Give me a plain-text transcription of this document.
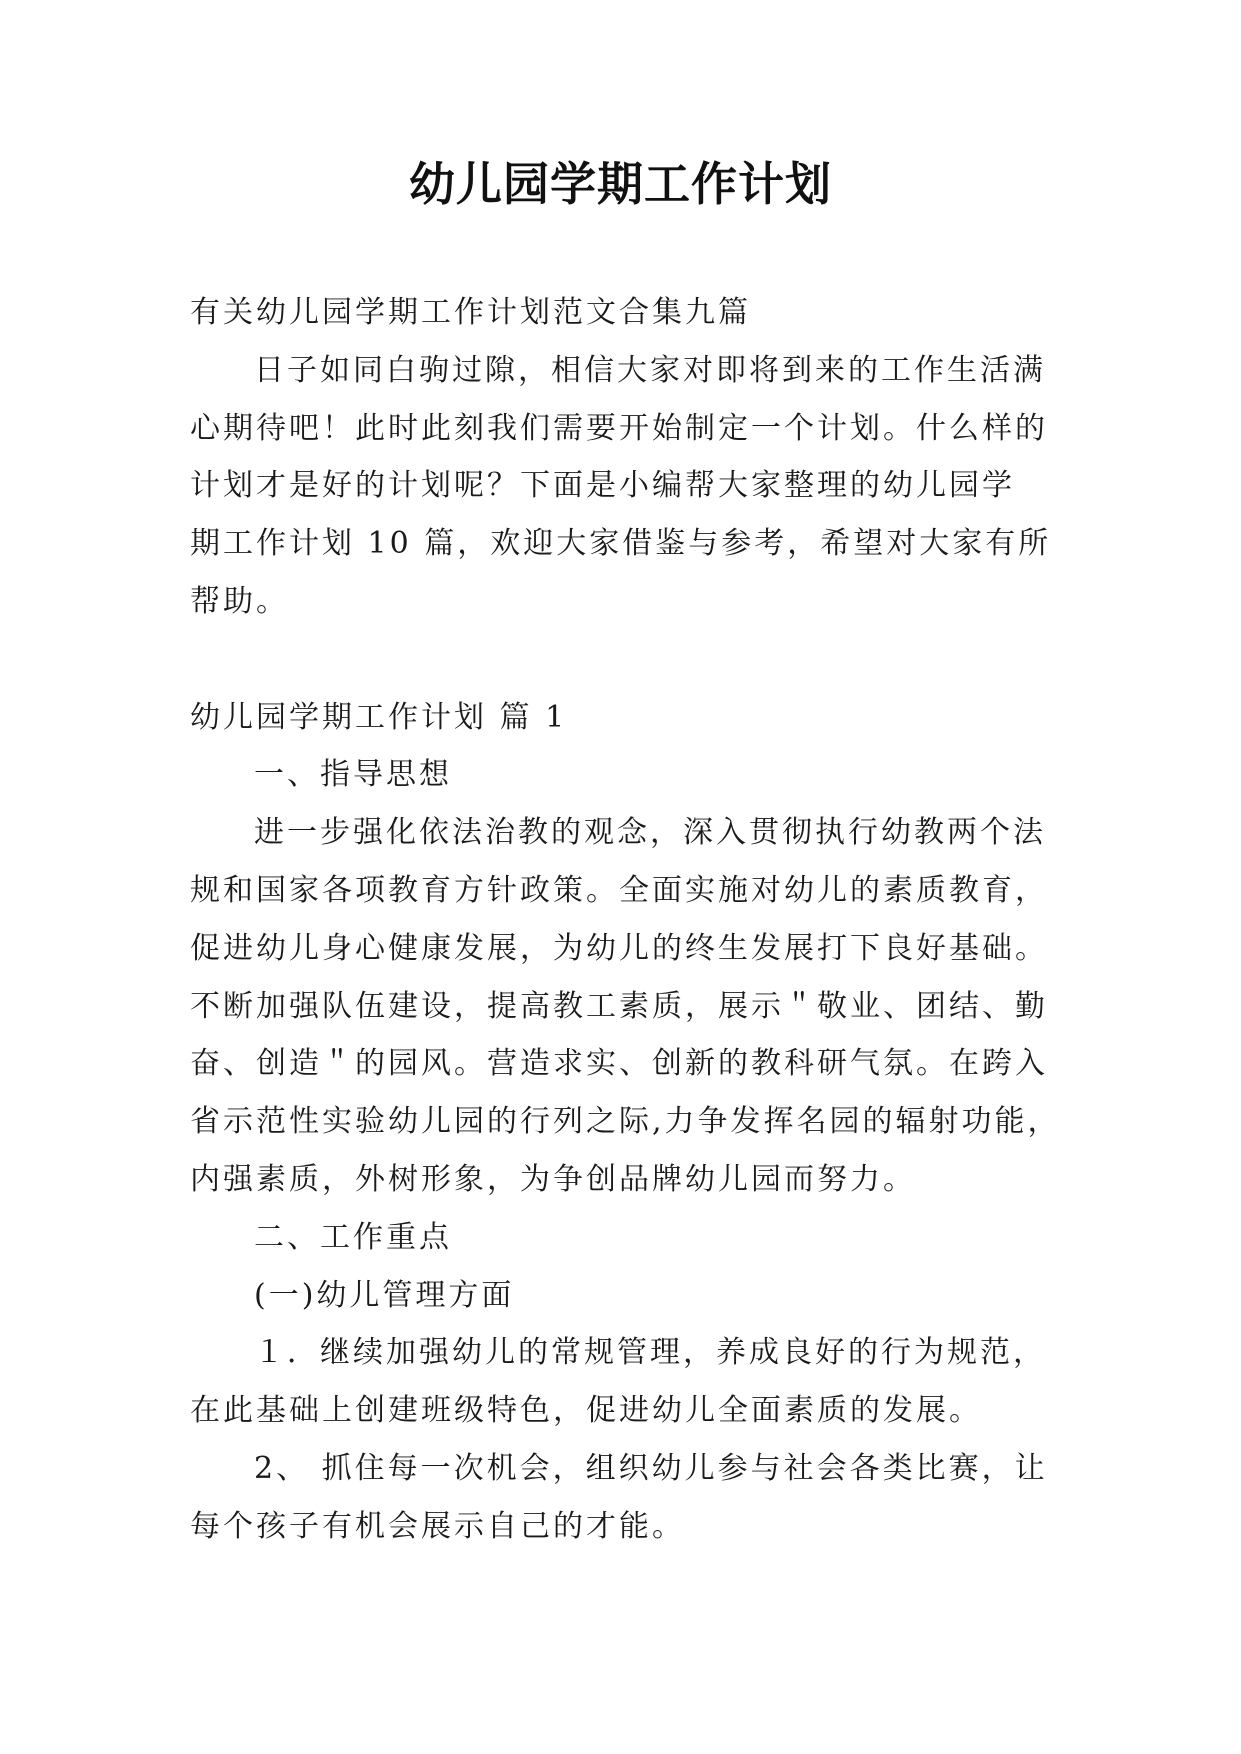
幼儿园学期工作计划

有关幼儿园学期工作计划范文合集九篇

日子如同白驹过隙，相信大家对即将到来的工作生活满

心期待吧！此时此刻我们需要开始制定一个计划。什么样的

计划才是好的计划呢？下面是小编帮大家整理的幼儿园学

期工作计划 10 篇，欢迎大家借鉴与参考，希望对大家有所

帮助。

幼儿园学期工作计划 篇 1

一、指导思想

进一步强化依法治教的观念，深入贯彻执行幼教两个法

规和国家各项教育方针政策。全面实施对幼儿的素质教育，

促进幼儿身心健康发展，为幼儿的终生发展打下良好基础。

不断加强队伍建设，提高教工素质，展示＂敬业、团结、勤

奋、创造＂的园风。营造求实、创新的教科研气氛。在跨入

省示范性实验幼儿园的行列之际,力争发挥名园的辐射功能，

内强素质，外树形象，为争创品牌幼儿园而努力。

二、工作重点

(一)幼儿管理方面

１．继续加强幼儿的常规管理，养成良好的行为规范，

在此基础上创建班级特色，促进幼儿全面素质的发展。

2、 抓住每一次机会，组织幼儿参与社会各类比赛，让

每个孩子有机会展示自己的才能。
